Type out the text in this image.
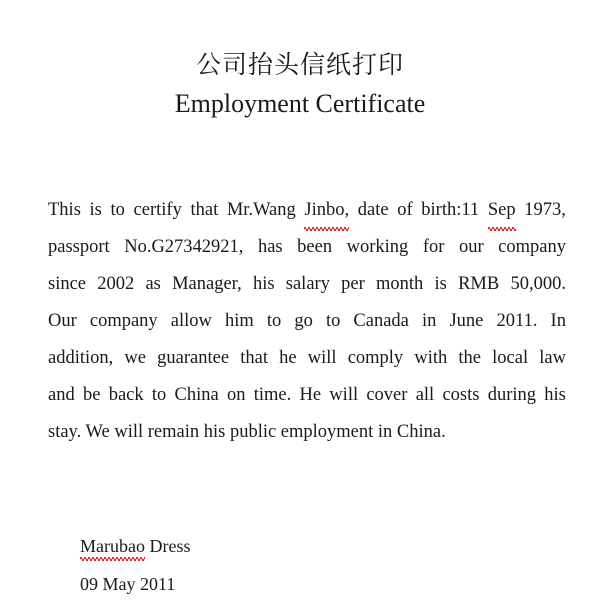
公司抬头信纸打印
Employment Certificate
This is to certify that Mr.Wang Jinbo, date of birth:11 Sep 1973,
passport No.G27342921, has been working for our company
since 2002 as Manager, his salary per month is RMB 50,000.
Our company allow him to go to Canada in June 2011. In
addition, we guarantee that he will comply with the local law
and be back to China on time. He will cover all costs during his
stay. We will remain his public employment in China.
Marubao Dress
09 May 2011
